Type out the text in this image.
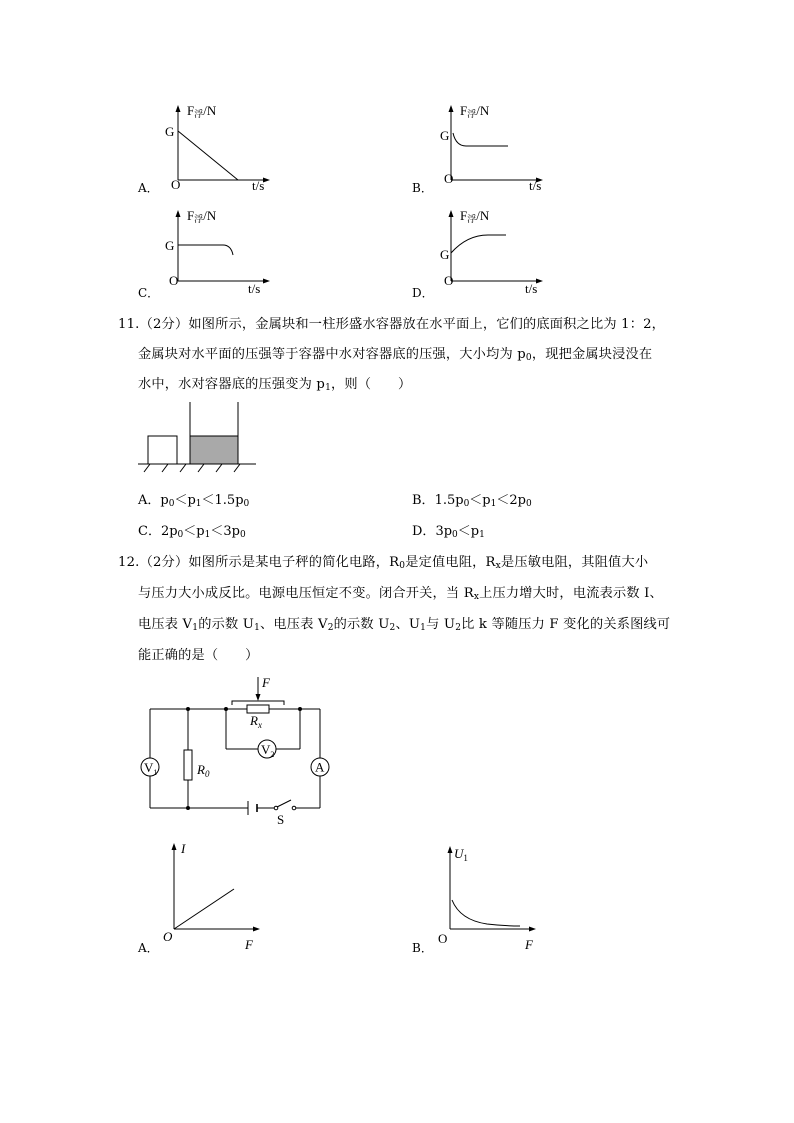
F浮/N
G
O	t/s
A．
F浮/N
G
O	t/s
B．
F浮/N
G
O
t/s
C．
F浮/N
G
O
t/s
D．
11.（2分）如图所示，金属块和一柱形盛水容器放在水平面上，它们的底面积之比为 1：2，
金属块对水平面的压强等于容器中水对容器底的压强，大小均为 $p_0$，现把金属块浸没在
水中，水对容器底的压强变为 $p_1$，则（　　）
A．$p_0<p_1<1.5p_0$	B．$1.5p_0<p_1<2p_0$
C．$2p_0<p_1<3p_0$	D．$3p_0<p_1$
12.（2分）如图所示是某电子秤的简化电路，$R_0$是定值电阻，$R_x$是压敏电阻，其阻值大小
与压力大小成反比。电源电压恒定不变。闭合开关，当 $R_x$上压力增大时，电流表示数 I、
电压表 $V_1$的示数 $U_1$、电压表 $V_2$的示数 $U_2$、$U_1$与 $U_2$比 k 等随压力 F 变化的关系图线可
能正确的是（　　）
$R_0$
$V_1$	A
$R_x$
F
$V_2$
S
I
O
F
A．
$U_1$
O	F
B．
